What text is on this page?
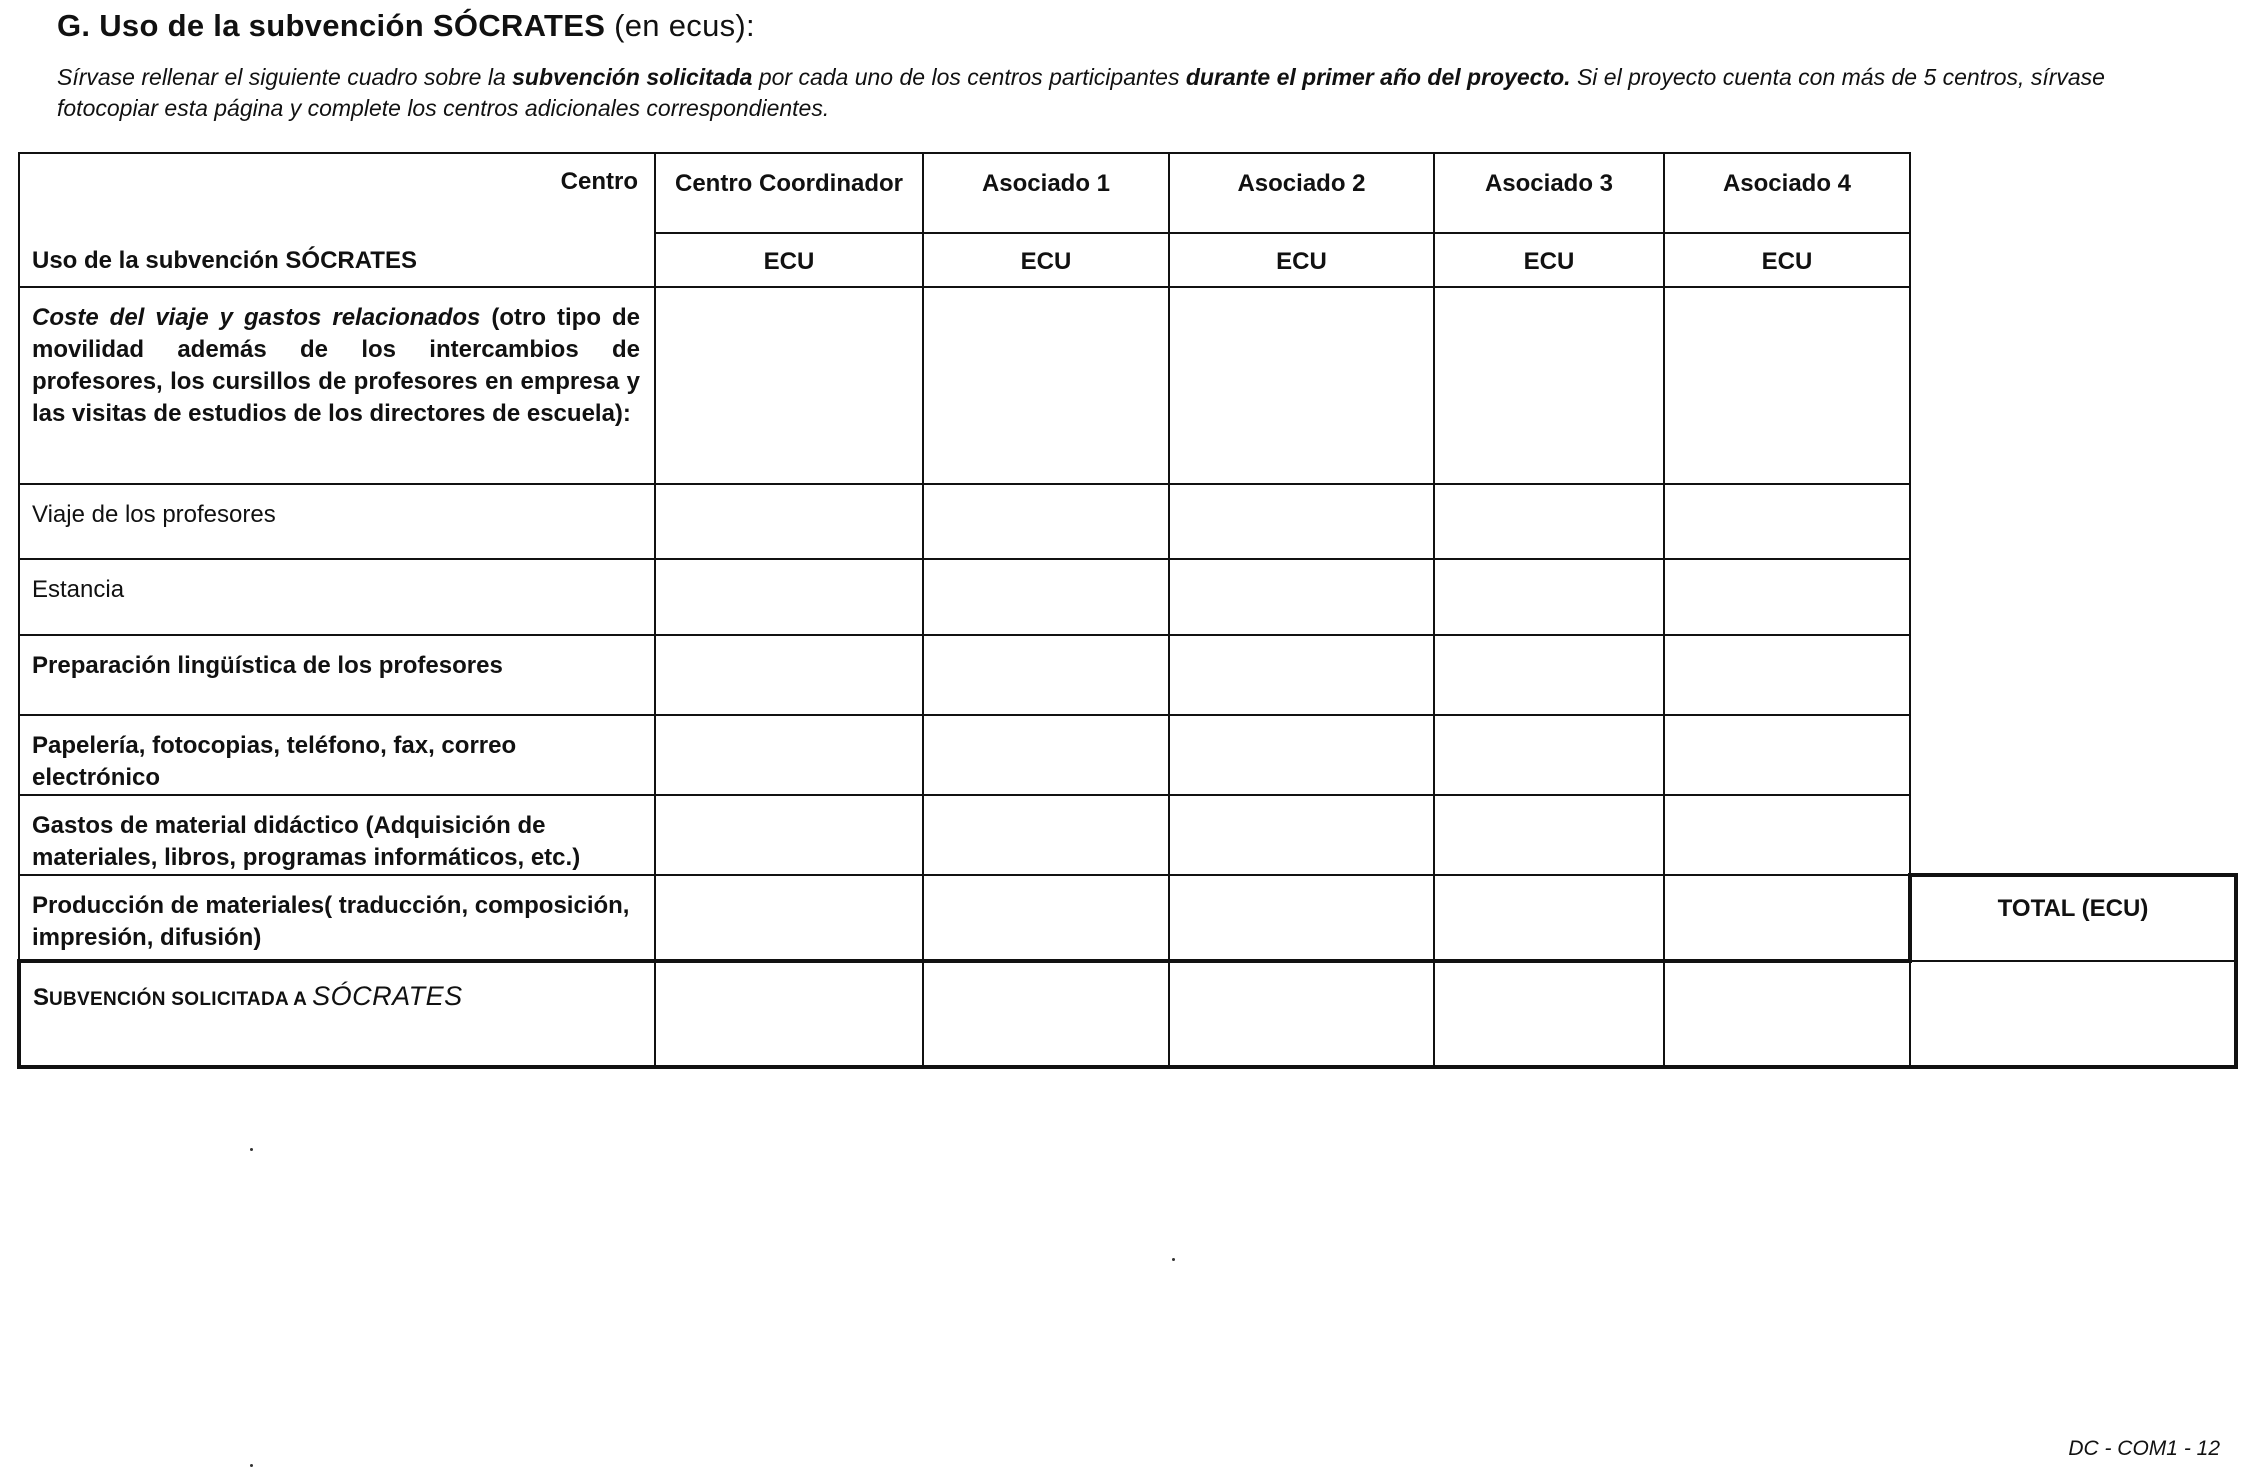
G. Uso de la subvención SÓCRATES (en ecus):

Sírvase rellenar el siguiente cuadro sobre la subvención solicitada por cada uno de los centros participantes durante el primer año del proyecto. Si el proyecto cuenta con más de 5 centros, sírvase fotocopiar esta página y complete los centros adicionales correspondientes.

Centro	Centro Coordinador	Asociado 1	Asociado 2	Asociado 3	Asociado 4	
Uso de la subvención SÓCRATES	ECU	ECU	ECU	ECU	ECU	
Coste del viaje y gastos relacionados (otro tipo de movilidad además de los intercambios de profesores, los cursillos de profesores en empresa y las visitas de estudios de los directores de escuela):						
Viaje de los profesores						
Estancia						
Preparación lingüística de los profesores						
Papelería, fotocopias, teléfono, fax, correo electrónico						
Gastos de material didáctico (Adquisición de materiales, libros, programas informáticos, etc.)						
Producción de materiales( traducción, composición, impresión, difusión)						TOTAL (ECU)
SUBVENCIÓN SOLICITADA A SÓCRATES						
DC - COM1 - 12
